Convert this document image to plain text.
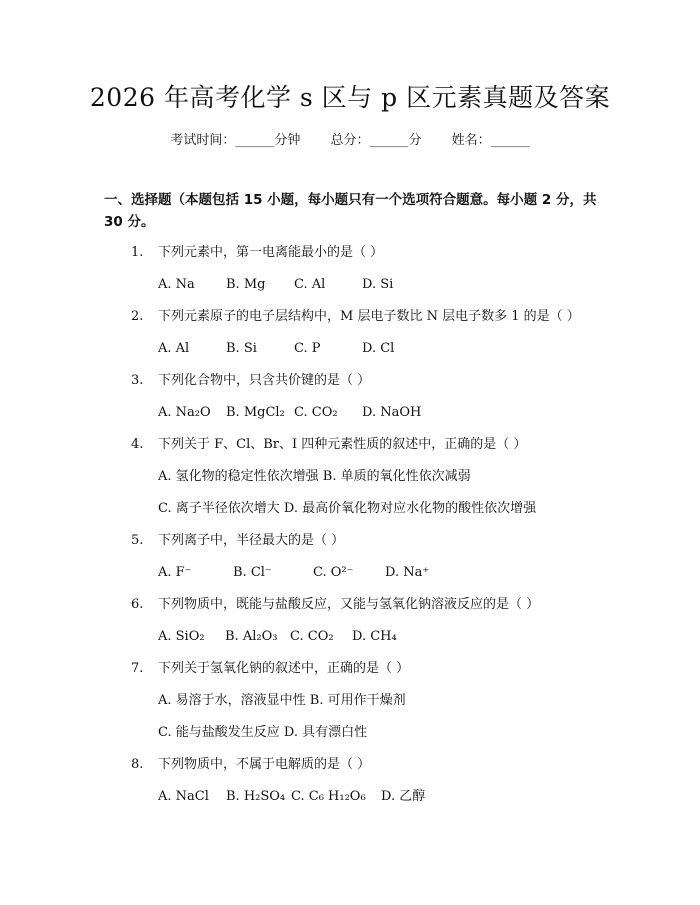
2026 年高考化学 s 区与 p 区元素真题及答案
考试时间：______分钟 总分：______分 姓名：______
一、选择题（本题包括 15 小题，每小题只有一个选项符合题意。每小题 2 分，共 30 分。
1. 下列元素中，第一电离能最小的是（ ）
A. Na B. Mg C. Al	D. Si
2. 下列元素原子的电子层结构中，M 层电子数比 N 层电子数多 1 的是（ ）
A. Al	B. Si	C. P	D. Cl
3. 下列化合物中，只含共价键的是（ ）
A. Na₂O B. MgCl₂ C. CO₂ D. NaOH
4. 下列关于 F、Cl、Br、I 四种元素性质的叙述中，正确的是（ ）
A. 氢化物的稳定性依次增强 B. 单质的氧化性依次减弱
C. 离子半径依次增大 D. 最高价氧化物对应水化物的酸性依次增强
5. 下列离子中，半径最大的是（ ）
A. F⁻	B. Cl⁻	C. O²⁻ D. Na⁺
6. 下列物质中，既能与盐酸反应，又能与氢氧化钠溶液反应的是（ ）
A. SiO₂ B. Al₂O₃ C. CO₂ D. CH₄
7. 下列关于氢氧化钠的叙述中，正确的是（ ）
A. 易溶于水，溶液显中性 B. 可用作干燥剂
C. 能与盐酸发生反应 D. 具有漂白性
8. 下列物质中，不属于电解质的是（ ）
A. NaCl B. H₂SO₄ C. C₆ H₁₂O₆ D. 乙醇
